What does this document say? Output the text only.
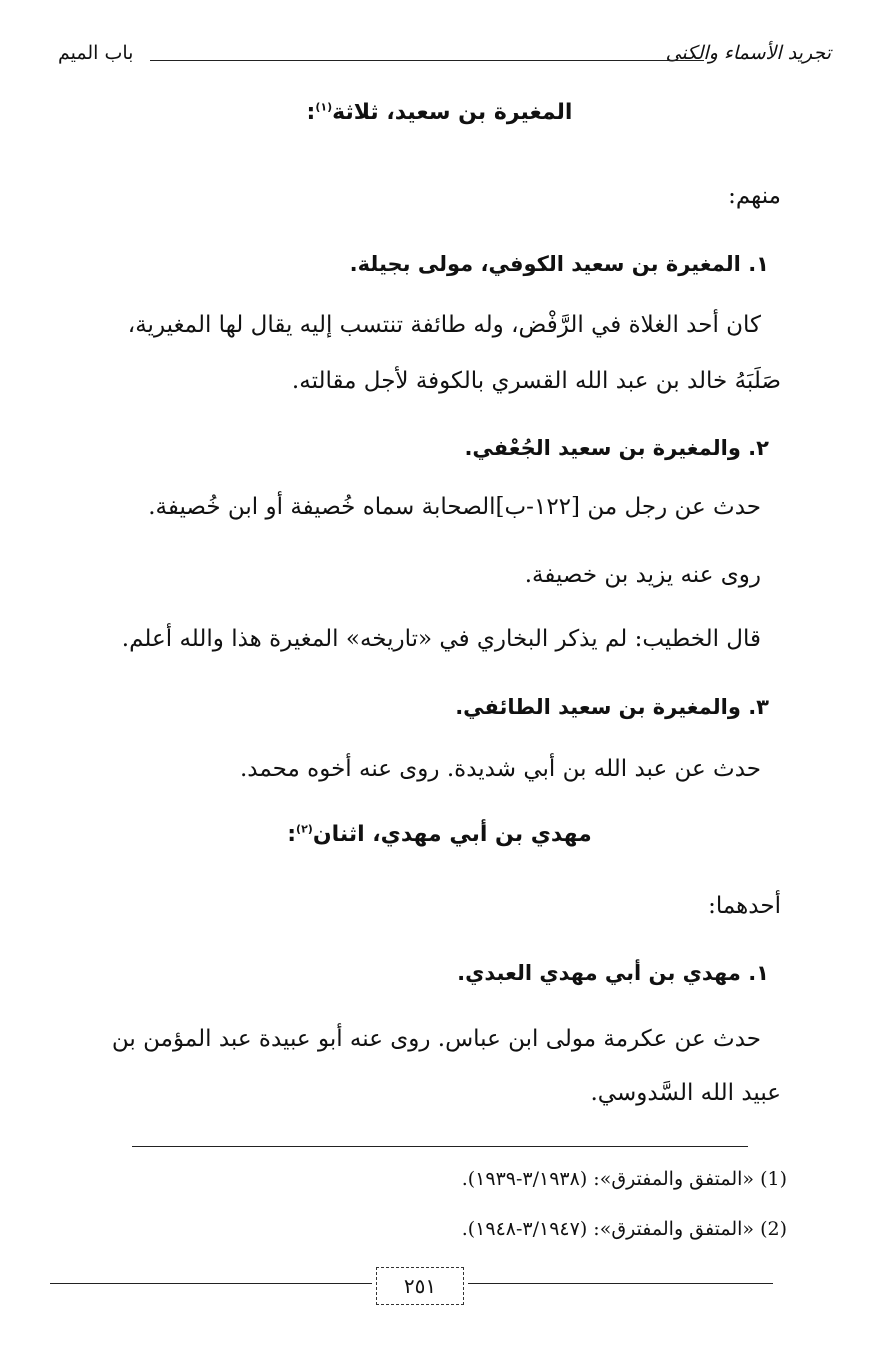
تجريد الأسماء والكنى
باب الميم
المغيرة بن سعيد، ثلاثة$^{(١)}$:
منهم:
١. المغيرة بن سعيد الكوفي، مولى بجيلة.
كان أحد الغلاة في الرَّفْض، وله طائفة تنتسب إليه يقال لها المغيرية،
صَلَبَهُ خالد بن عبد الله القسري بالكوفة لأجل مقالته.
٢. والمغيرة بن سعيد الجُعْفي.
حدث عن رجل من [١٢٢-ب]الصحابة سماه خُصيفة أو ابن خُصيفة.
روى عنه يزيد بن خصيفة.
قال الخطيب: لم يذكر البخاري في «تاريخه» المغيرة هذا والله أعلم.
٣. والمغيرة بن سعيد الطائفي.
حدث عن عبد الله بن أبي شديدة. روى عنه أخوه محمد.
مهدي بن أبي مهدي، اثنان$^{(٢)}$:
أحدهما:
١. مهدي بن أبي مهدي العبدي.
حدث عن عكرمة مولى ابن عباس. روى عنه أبو عبيدة عبد المؤمن بن
عبيد الله السَّدوسي.
(1) «المتفق والمفترق»: (٣/١٩٣٨-١٩٣٩).
(2) «المتفق والمفترق»: (٣/١٩٤٧-١٩٤٨).
٢٥١
